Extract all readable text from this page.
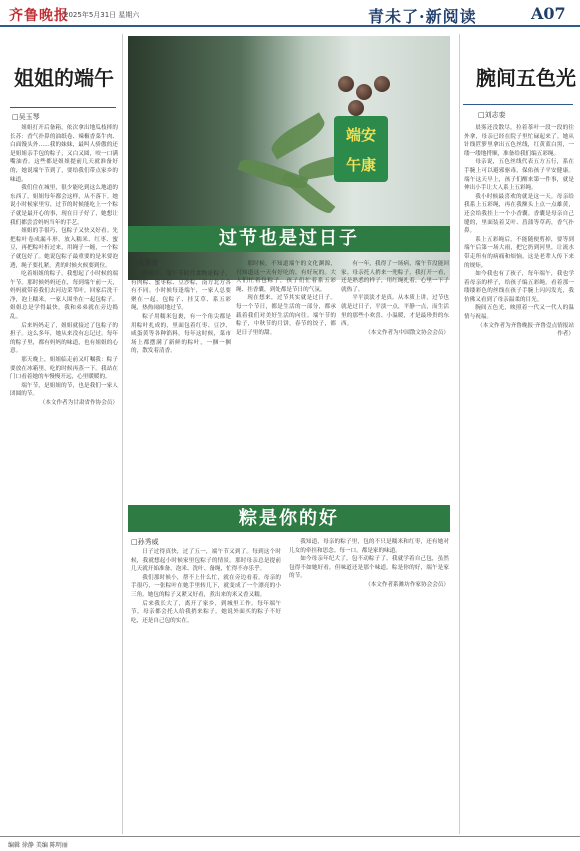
齐鲁晚报
2025年5月31日 星期六	青未了·新阅读	A07
姐姐的端午
□吴玉琴

姐姐打开后备箱，依次拿出地瓜枝摔的长苏：香气扑鼻的油纸卷、辣椒香菜牛肉、白面馒头外……我的妹妹，最叫人骄傲的还是姐姐亲手包的粽子，又白又圆，咬一口满嘴油香。这些都是姐姐提前几天就准备好的，她说端午节到了，要给我们带点家乡的味道。

我们住在城里，很少能吃到这么地道的东西了。姐姐每年都会这样，从不落下。她说小时候家里穷，过节的时候能吃上一个粽子就是最开心的事，现在日子好了，她想让我们都尝尝妈妈当年的手艺。

姐姐的手很巧，包粽子又快又好看。先把粽叶卷成漏斗形，放入糯米、红枣、蜜豆，再把粽叶折过来，用绳子一缠，一个粽子就包好了。她说包粽子最重要的是米要泡透，绳子要扎紧，煮的时候火候要到位。

吃着姐姐的粽子，我想起了小时候的端午节。那时候妈妈还在，每到端午前一天，妈妈就带着我们去河边采苇叶，回家后洗干净，泡上糯米，一家人围坐在一起包粽子。姐姐总是学得最快，我和弟弟就在旁边捣乱。

后来妈妈走了，姐姐就接过了包粽子的担子。这么多年，她从来没有忘记过。每年的粽子里，都有妈妈的味道，也有姐姐的心意。

那天晚上，姐姐临走前又叮嘱我：粽子要放在冰箱里，吃的时候再蒸一下。我站在门口看着她的车慢慢开远，心里暖暖的。

端午节，是姐姐的节，也是我们一家人团圆的节。

（本文作者为甘肃省作协会员）

端安
午康
过节也是过日子
□朱墨骏

腊梅中，端午节时代食物是粽子，有肉粽、蜜枣粽、豆沙粽，南方北方各有不同。小时候每逢端午，一家人总要聚在一起，包粽子、挂艾草、系五彩绳，热热闹闹地过节。

粽子用糯米包裹，有一个角尖都是用粽叶扎成的，里面包着红枣、豆沙、咸蛋黄等各种馅料。每年这时候，菜市场上都摆满了新鲜的粽叶，一捆一捆的，散发着清香。

那时候，不知道端午的文化渊源，只知道这一天有好吃的，有好玩的。大人们忙着包粽子，孩子们忙着系五彩绳、挂香囊，到处都是节日的气氛。

现在想来，过节其实就是过日子。每一个节日，都是生活的一部分，都承载着我们对美好生活的向往。端午节的粽子，中秋节的月饼，春节的饺子，都是日子里的甜。

有一年，我得了一场病，端午节没能回家。母亲托人捎来一兜粽子，我打开一看，还是熟悉的样子，用红绳扎着，心里一下子就热了。

平平淡淡才是真。从本质上讲，过节也就是过日子，平淡一点，平静一点，而生活里的那些小欢喜、小温暖，才是最珍贵的东西。

（本文作者为中国散文协会会员）

粽是你的好
□孙秀威

日子过得真快，过了五一，端午节又到了。每到这个时候，我就想起小时候家里包粽子的情景。那时母亲总是提前几天就开始准备，泡米、洗叶、备绳，忙得不亦乐乎。

我们那时候小，帮不上什么忙，就在旁边看着。母亲的手很巧，一张粽叶在她手里转几下，就变成了一个漂亮的小三角。她包的粽子又紧又好看，煮出来的米又香又糯。

后来我长大了，离开了家乡，到城里工作。每年端午节，母亲都会托人给我捎来粽子。她说外面买的粽子不好吃，还是自己包的实在。

我知道，母亲的粽子里，包的不只是糯米和红枣，还有她对儿女的牵挂和思念。每一口，都是家的味道。

如今母亲年纪大了，包不动粽子了。我就学着自己包，虽然包得不如她好看，但味道还是那个味道。粽是你的好，端午是家的节。

（本文作者系潍坊作家协会会员）

腕间五色光
□刘志娈

晨雾还没散尽，拉着茶叶一段一段的往外拿，母亲已经在院子里忙碌起来了。她从针线笸箩里拿出五色丝线，红黄蓝白黑，一缕一缕地捋顺，准备给我们编五彩绳。

母亲说，五色丝线代表五方五行，系在手腕上可以避邪驱毒，保佑孩子平安健康。端午这天早上，孩子们醒来第一件事，就是伸出小手让大人系上五彩绳。

我小时候最喜欢的就是这一天。母亲给我系上五彩绳，再在我额头上点一点雄黄，还会给我挂上一个小香囊。香囊是母亲自己缝的，里面装着艾叶、菖蒲等草药，香气扑鼻。

系上五彩绳后，不能随便剪掉，要等到端午后第一场大雨，把它扔到河里，让流水带走所有的病痛和烦恼。这是老辈人传下来的规矩。

如今我也有了孩子，每年端午，我也学着母亲的样子，给孩子编五彩绳。看着那一缕缕彩色的丝线在孩子手腕上闪闪发光，我仿佛又看到了母亲温柔的目光。

腕间五色光，映照着一代又一代人的温情与祝福。

（本文作者为齐鲁晚报·齐鲁壹点情报站作者）

编辑 徐静 美编 陈明丽
